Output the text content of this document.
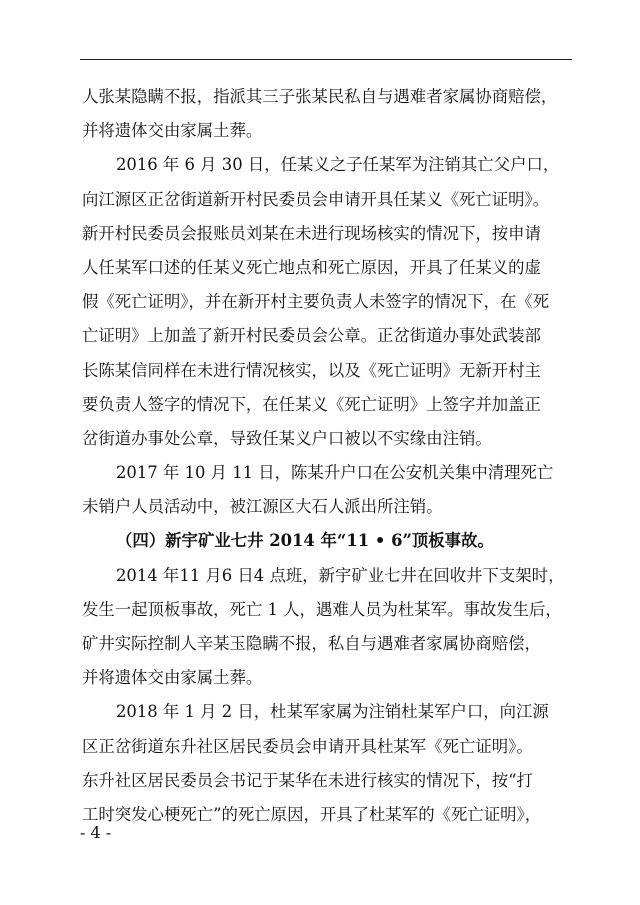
人张某隐瞒不报，指派其三子张某民私自与遇难者家属协商赔偿，
并将遗体交由家属土葬。
2016 年 6 月 30 日，任某义之子任某军为注销其亡父户口，
向江源区正岔街道新开村民委员会申请开具任某义《死亡证明》。
新开村民委员会报账员刘某在未进行现场核实的情况下，按申请
人任某军口述的任某义死亡地点和死亡原因，开具了任某义的虚
假《死亡证明》，并在新开村主要负责人未签字的情况下，在《死
亡证明》上加盖了新开村民委员会公章。正岔街道办事处武装部
长陈某信同样在未进行情况核实，以及《死亡证明》无新开村主
要负责人签字的情况下，在任某义《死亡证明》上签字并加盖正
岔街道办事处公章，导致任某义户口被以不实缘由注销。
2017 年 10 月 11 日，陈某升户口在公安机关集中清理死亡
未销户人员活动中，被江源区大石人派出所注销。
（四）新宇矿业七井 2014 年“11 • 6”顶板事故。
2014 年11 月6 日4 点班，新宇矿业七井在回收井下支架时，
发生一起顶板事故，死亡 1 人，遇难人员为杜某军。事故发生后，
矿井实际控制人辛某玉隐瞒不报，私自与遇难者家属协商赔偿，
并将遗体交由家属土葬。
2018 年 1 月 2 日，杜某军家属为注销杜某军户口，向江源
区正岔街道东升社区居民委员会申请开具杜某军《死亡证明》。
东升社区居民委员会书记于某华在未进行核实的情况下，按“打
工时突发心梗死亡”的死亡原因，开具了杜某军的《死亡证明》，
- 4 -
